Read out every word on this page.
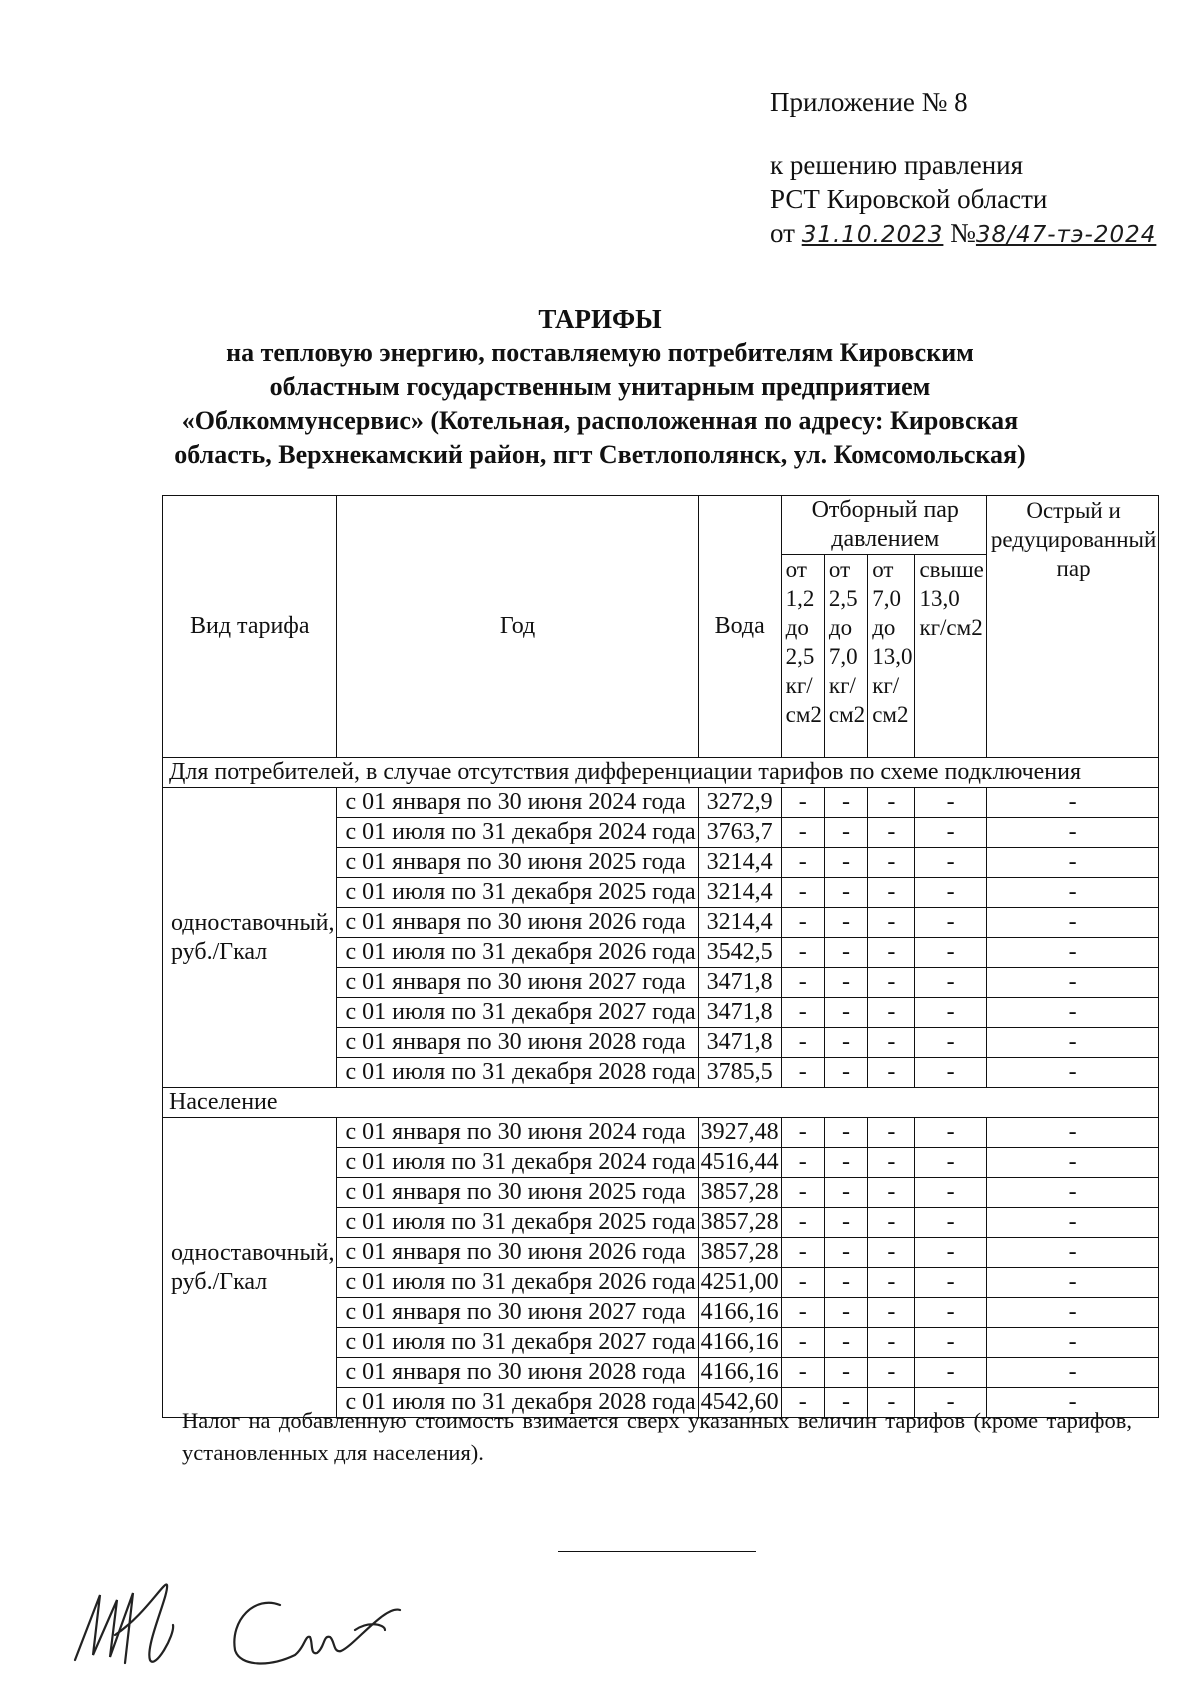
Приложение № 8
к решению правления
РСТ Кировской области
от 31.10.2023 №38/47-тэ-2024
ТАРИФЫ
на тепловую энергию, поставляемую потребителям Кировским
областным государственным унитарным предприятием
«Облкоммунсервис» (Котельная, расположенная по адресу: Кировская
область, Верхнекамский район, пгт Светлополянск, ул. Комсомольская)
Вид тарифа	Год	Вода	Отборный пар давлением				Острый и редуцированный пар
			от 1,2 до 2,5 кг/см2	от 2,5 до 7,0 кг/см2	от 7,0 до 13,0 кг/см2	свыше 13,0 кг/см2	
Для потребителей, в случае отсутствия дифференциации тарифов по схеме подключения							
одноставочный, руб./Гкал	с 01 января по 30 июня 2024 года	3272,9	-	-	-	-	-
	с 01 июля по 31 декабря 2024 года	3763,7	-	-	-	-	-
	с 01 января по 30 июня 2025 года	3214,4	-	-	-	-	-
	с 01 июля по 31 декабря 2025 года	3214,4	-	-	-	-	-
	с 01 января по 30 июня 2026 года	3214,4	-	-	-	-	-
	с 01 июля по 31 декабря 2026 года	3542,5	-	-	-	-	-
	с 01 января по 30 июня 2027 года	3471,8	-	-	-	-	-
	с 01 июля по 31 декабря 2027 года	3471,8	-	-	-	-	-
	с 01 января по 30 июня 2028 года	3471,8	-	-	-	-	-
	с 01 июля по 31 декабря 2028 года	3785,5	-	-	-	-	-
Население							
одноставочный, руб./Гкал	с 01 января по 30 июня 2024 года	3927,48	-	-	-	-	-
	с 01 июля по 31 декабря 2024 года	4516,44	-	-	-	-	-
	с 01 января по 30 июня 2025 года	3857,28	-	-	-	-	-
	с 01 июля по 31 декабря 2025 года	3857,28	-	-	-	-	-
	с 01 января по 30 июня 2026 года	3857,28	-	-	-	-	-
	с 01 июля по 31 декабря 2026 года	4251,00	-	-	-	-	-
	с 01 января по 30 июня 2027 года	4166,16	-	-	-	-	-
	с 01 июля по 31 декабря 2027 года	4166,16	-	-	-	-	-
	с 01 января по 30 июня 2028 года	4166,16	-	-	-	-	-
	с 01 июля по 31 декабря 2028 года	4542,60	-	-	-	-	-
Налог на добавленную стоимость взимается сверх указанных величин тарифов (кроме тарифов, установленных для населения).
